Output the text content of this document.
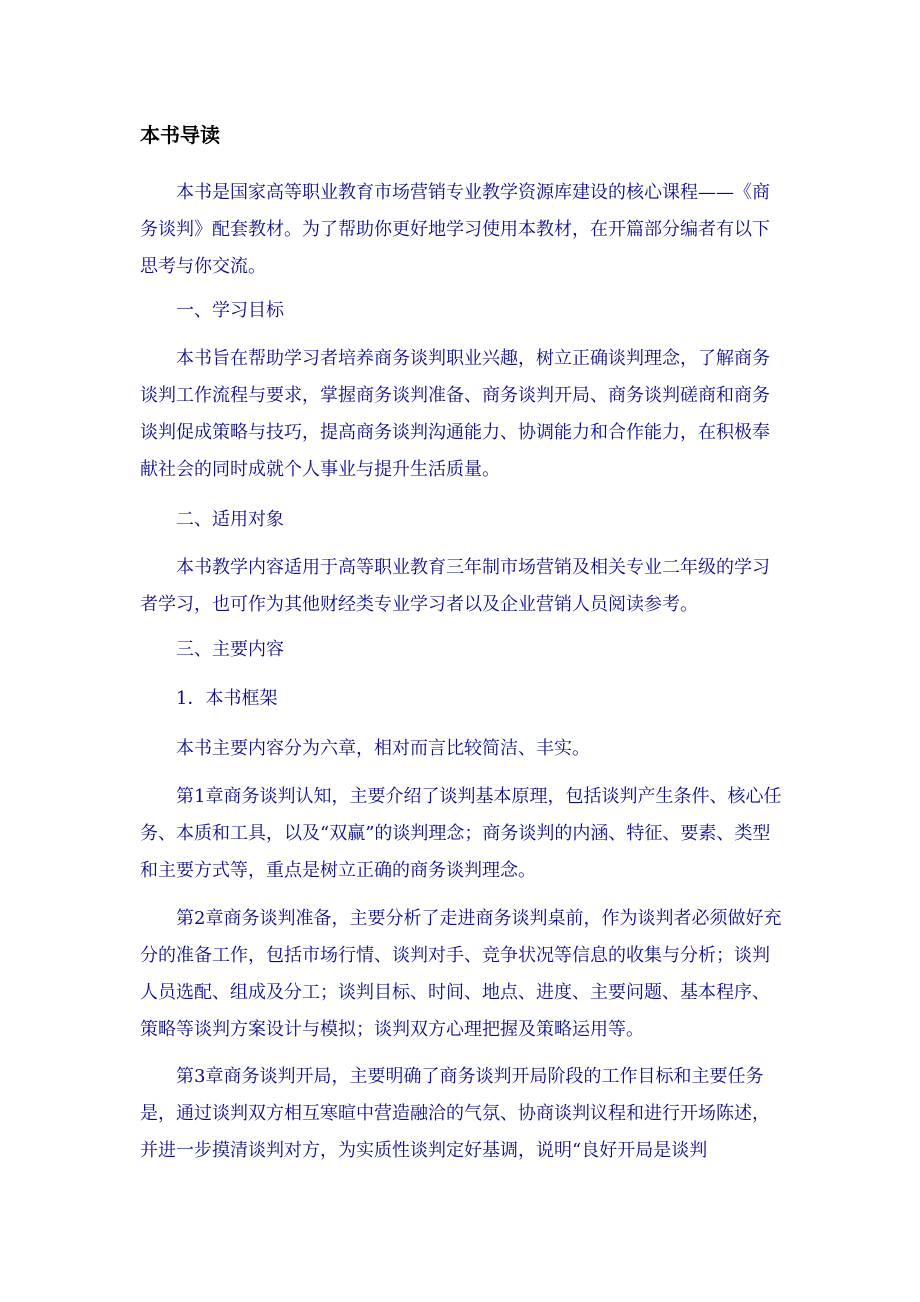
本书导读

本书是国家高等职业教育市场营销专业教学资源库建设的核心课程——《商务谈判》配套教材。为了帮助你更好地学习使用本教材，在开篇部分编者有以下思考与你交流。

一、学习目标

本书旨在帮助学习者培养商务谈判职业兴趣，树立正确谈判理念，了解商务谈判工作流程与要求，掌握商务谈判准备、商务谈判开局、商务谈判磋商和商务谈判促成策略与技巧，提高商务谈判沟通能力、协调能力和合作能力，在积极奉献社会的同时成就个人事业与提升生活质量。

二、适用对象

本书教学内容适用于高等职业教育三年制市场营销及相关专业二年级的学习者学习，也可作为其他财经类专业学习者以及企业营销人员阅读参考。

三、主要内容

1．本书框架

本书主要内容分为六章，相对而言比较简洁、丰实。

第1章商务谈判认知，主要介绍了谈判基本原理，包括谈判产生条件、核心任务、本质和工具，以及“双赢”的谈判理念；商务谈判的内涵、特征、要素、类型和主要方式等，重点是树立正确的商务谈判理念。

第2章商务谈判准备，主要分析了走进商务谈判桌前，作为谈判者必须做好充分的准备工作，包括市场行情、谈判对手、竞争状况等信息的收集与分析；谈判人员选配、组成及分工；谈判目标、时间、地点、进度、主要问题、基本程序、策略等谈判方案设计与模拟；谈判双方心理把握及策略运用等。

第3章商务谈判开局，主要明确了商务谈判开局阶段的工作目标和主要任务是，通过谈判双方相互寒暄中营造融洽的气氛、协商谈判议程和进行开场陈述，并进一步摸清谈判对方，为实质性谈判定好基调，说明“良好开局是谈判
